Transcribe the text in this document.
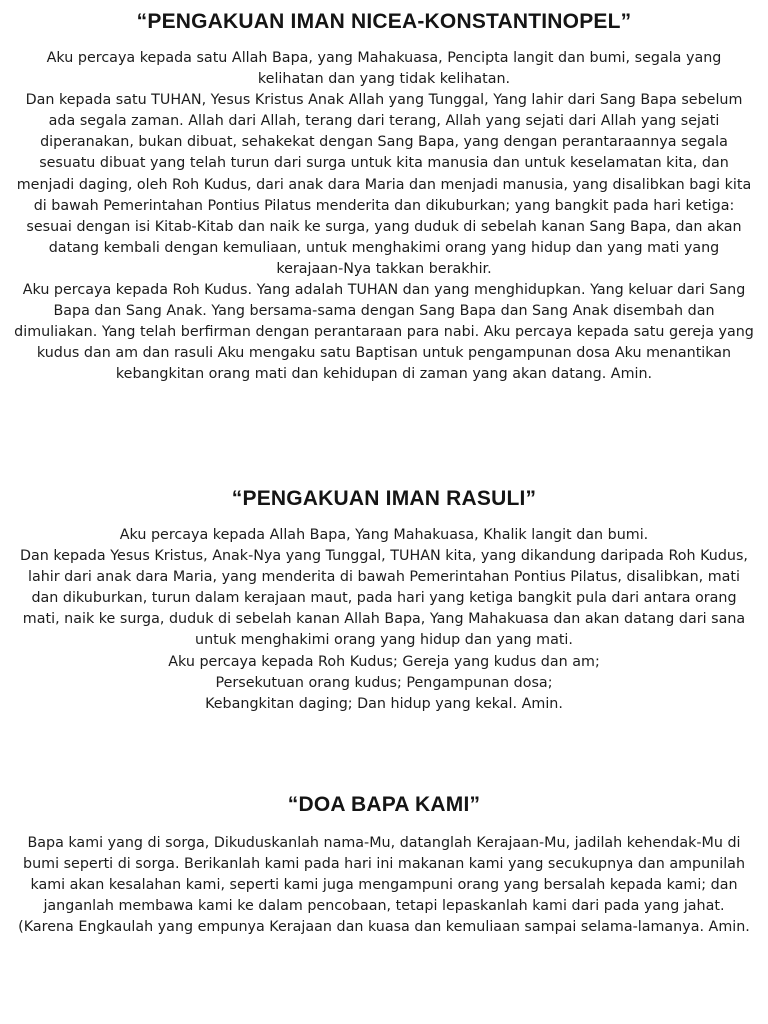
“PENGAKUAN IMAN NICEA-KONSTANTINOPEL”

Aku percaya kepada satu Allah Bapa, yang Mahakuasa, Pencipta langit dan bumi, segala yang kelihatan dan yang tidak kelihatan.

Dan kepada satu TUHAN, Yesus Kristus Anak Allah yang Tunggal, Yang lahir dari Sang Bapa sebelum ada segala zaman. Allah dari Allah, terang dari terang, Allah yang sejati dari Allah yang sejati diperanakan, bukan dibuat, sehakekat dengan Sang Bapa, yang dengan perantaraannya segala sesuatu dibuat yang telah turun dari surga untuk kita manusia dan untuk keselamatan kita, dan menjadi daging, oleh Roh Kudus, dari anak dara Maria dan menjadi manusia, yang disalibkan bagi kita di bawah Pemerintahan Pontius Pilatus menderita dan dikuburkan; yang bangkit pada hari ketiga: sesuai dengan isi Kitab-Kitab dan naik ke surga, yang duduk di sebelah kanan Sang Bapa, dan akan datang kembali dengan kemuliaan, untuk menghakimi orang yang hidup dan yang mati yang kerajaan-Nya takkan berakhir.

Aku percaya kepada Roh Kudus. Yang adalah TUHAN dan yang menghidupkan. Yang keluar dari Sang Bapa dan Sang Anak. Yang bersama-sama dengan Sang Bapa dan Sang Anak disembah dan dimuliakan. Yang telah berfirman dengan perantaraan para nabi. Aku percaya kepada satu gereja yang kudus dan am dan rasuli Aku mengaku satu Baptisan untuk pengampunan dosa Aku menantikan kebangkitan orang mati dan kehidupan di zaman yang akan datang. Amin.

“PENGAKUAN IMAN RASULI”

Aku percaya kepada Allah Bapa, Yang Mahakuasa, Khalik langit dan bumi.

Dan kepada Yesus Kristus, Anak-Nya yang Tunggal, TUHAN kita, yang dikandung daripada Roh Kudus, lahir dari anak dara Maria, yang menderita di bawah Pemerintahan Pontius Pilatus, disalibkan, mati dan dikuburkan, turun dalam kerajaan maut, pada hari yang ketiga bangkit pula dari antara orang mati, naik ke surga, duduk di sebelah kanan Allah Bapa, Yang Mahakuasa dan akan datang dari sana untuk menghakimi orang yang hidup dan yang mati.

Aku percaya kepada Roh Kudus; Gereja yang kudus dan am;

Persekutuan orang kudus; Pengampunan dosa;

Kebangkitan daging; Dan hidup yang kekal. Amin.

“DOA BAPA KAMI”

Bapa kami yang di sorga, Dikuduskanlah nama-Mu, datanglah Kerajaan-Mu, jadilah kehendak-Mu di bumi seperti di sorga. Berikanlah kami pada hari ini makanan kami yang secukupnya dan ampunilah kami akan kesalahan kami, seperti kami juga mengampuni orang yang bersalah kepada kami; dan janganlah membawa kami ke dalam pencobaan, tetapi lepaskanlah kami dari pada yang jahat. (Karena Engkaulah yang empunya Kerajaan dan kuasa dan kemuliaan sampai selama-lamanya. Amin.
